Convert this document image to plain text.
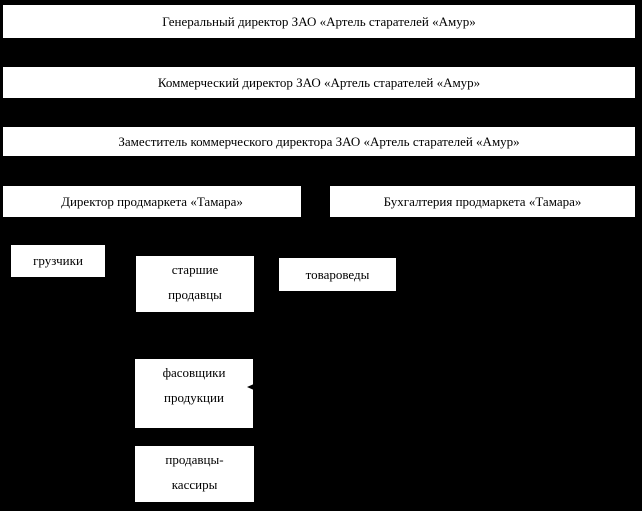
Генеральный директор ЗАО «Артель старателей «Амур»
Коммерческий директор ЗАО «Артель старателей «Амур»
Заместитель коммерческого директора ЗАО «Артель старателей «Амур»
Директор продмаркета «Тамара»	Бухгалтерия продмаркета «Тамара»
грузчики
старшие
продавцы
товароведы
фасовщики
продукции
продавцы-
кассиры
